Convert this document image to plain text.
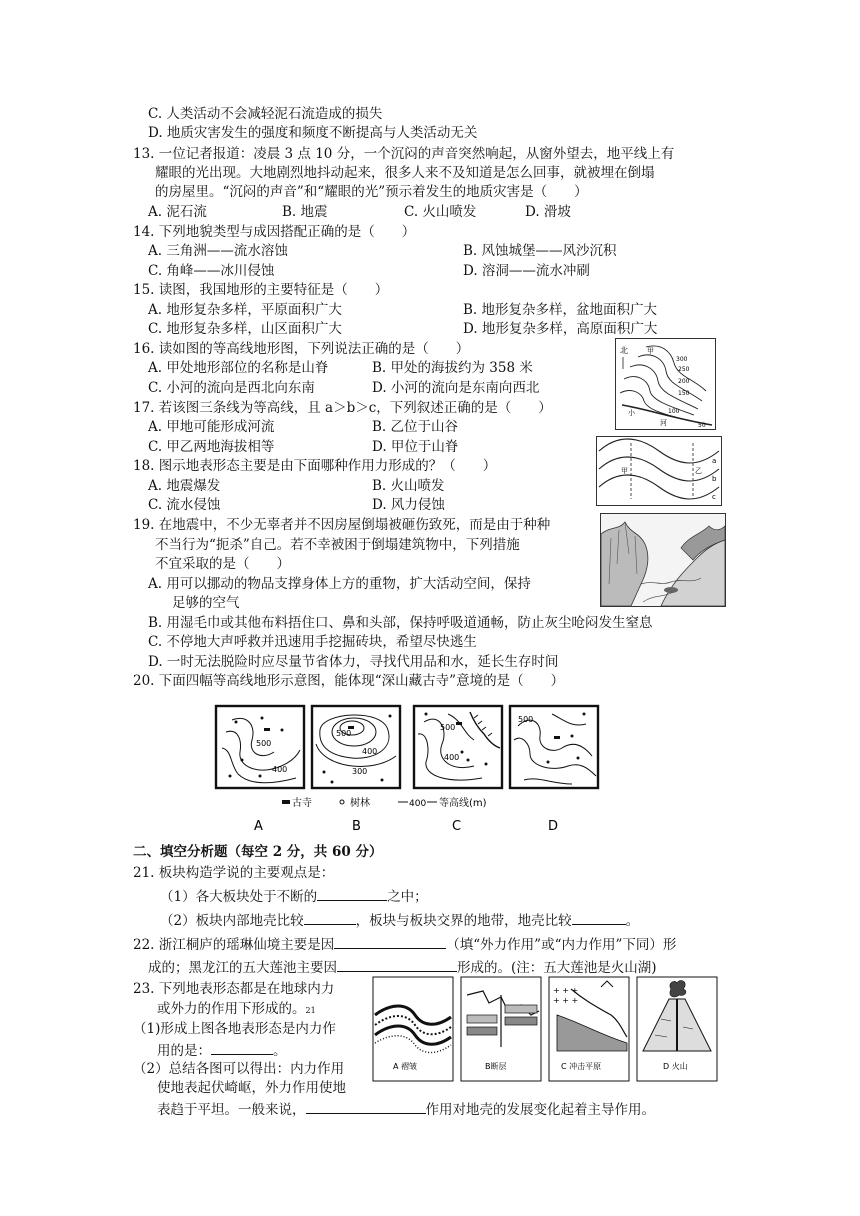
C. 人类活动不会减轻泥石流造成的损失
D. 地质灾害发生的强度和频度不断提高与人类活动无关
13. 一位记者报道：凌晨 3 点 10 分，一个沉闷的声音突然响起，从窗外望去，地平线上有
耀眼的光出现。大地剧烈地抖动起来，很多人来不及知道是怎么回事，就被埋在倒塌
的房屋里。“沉闷的声音”和“耀眼的光”预示着发生的地质灾害是（　　）
A. 泥石流	B. 地震	C. 火山喷发	D. 滑坡
14. 下列地貌类型与成因搭配正确的是（　　）
A. 三角洲——流水溶蚀	B. 风蚀城堡——风沙沉积
C. 角峰——冰川侵蚀	D. 溶洞——流水冲刷
15. 读图，我国地形的主要特征是（　　）
A. 地形复杂多样，平原面积广大	B. 地形复杂多样，盆地面积广大
C. 地形复杂多样，山区面积广大	D. 地形复杂多样，高原面积广大
16. 读如图的等高线地形图，下列说法正确的是（　　）
A. 甲处地形部位的名称是山脊	B. 甲处的海拔约为 358 米
C. 小河的流向是西北向东南	D. 小河的流向是东南向西北
北	甲
300
250
200
150
100
50
小
河
17. 若该图三条线为等高线，且 a＞b＞c，下列叙述正确的是（　　）
A. 甲地可能形成河流	B. 乙位于山谷
C. 甲乙两地海拔相等	D. 甲位于山脊
甲	乙
a
b
c
18. 图示地表形态主要是由下面哪种作用力形成的？（　　）
A. 地震爆发	B. 火山喷发
C. 流水侵蚀	D. 风力侵蚀
19. 在地震中，不少无辜者并不因房屋倒塌被砸伤致死，而是由于种种
不当行为“扼杀”自己。若不幸被困于倒塌建筑物中，下列措施
不宜采取的是（　　）
A. 用可以挪动的物品支撑身体上方的重物，扩大活动空间，保持
足够的空气
B. 用湿毛巾或其他布料捂住口、鼻和头部，保持呼吸道通畅，防止灰尘呛闷发生窒息
C. 不停地大声呼救并迅速用手挖掘砖块，希望尽快逃生
D. 一时无法脱险时应尽量节省体力，寻找代用品和水，延长生存时间
20. 下面四幅等高线地形示意图，能体现“深山藏古寺”意境的是（　　）
500
400
500
400
300
500
400
500
古寺	树林	400 等高线(m)
A	B	C	D
二、填空分析题（每空 2 分，共 60 分）
21. 板块构造学说的主要观点是：
（1）各大板块处于不断的	之中；
（2）板块内部地壳比较	，板块与板块交界的地带，地壳比较	。
22. 浙江桐庐的瑶琳仙境主要是因	（填“外力作用”或“内力作用”下同）形
成的；黑龙江的五大莲池主要因	形成的。(注：五大莲池是火山湖)
23. 下列地表形态都是在地球内力
或外力的作用下形成的。21
（1)形成上图各地表形态是内力作
用的是：	。
（2）总结各图可以得出：内力作用
使地表起伏崎岖，外力作用使地
表趋于平坦。一般来说，	作用对地壳的发展变化起着主导作用。
A 褶皱	B断层
+ + +
+ + +
C 冲击平原	D 火山
